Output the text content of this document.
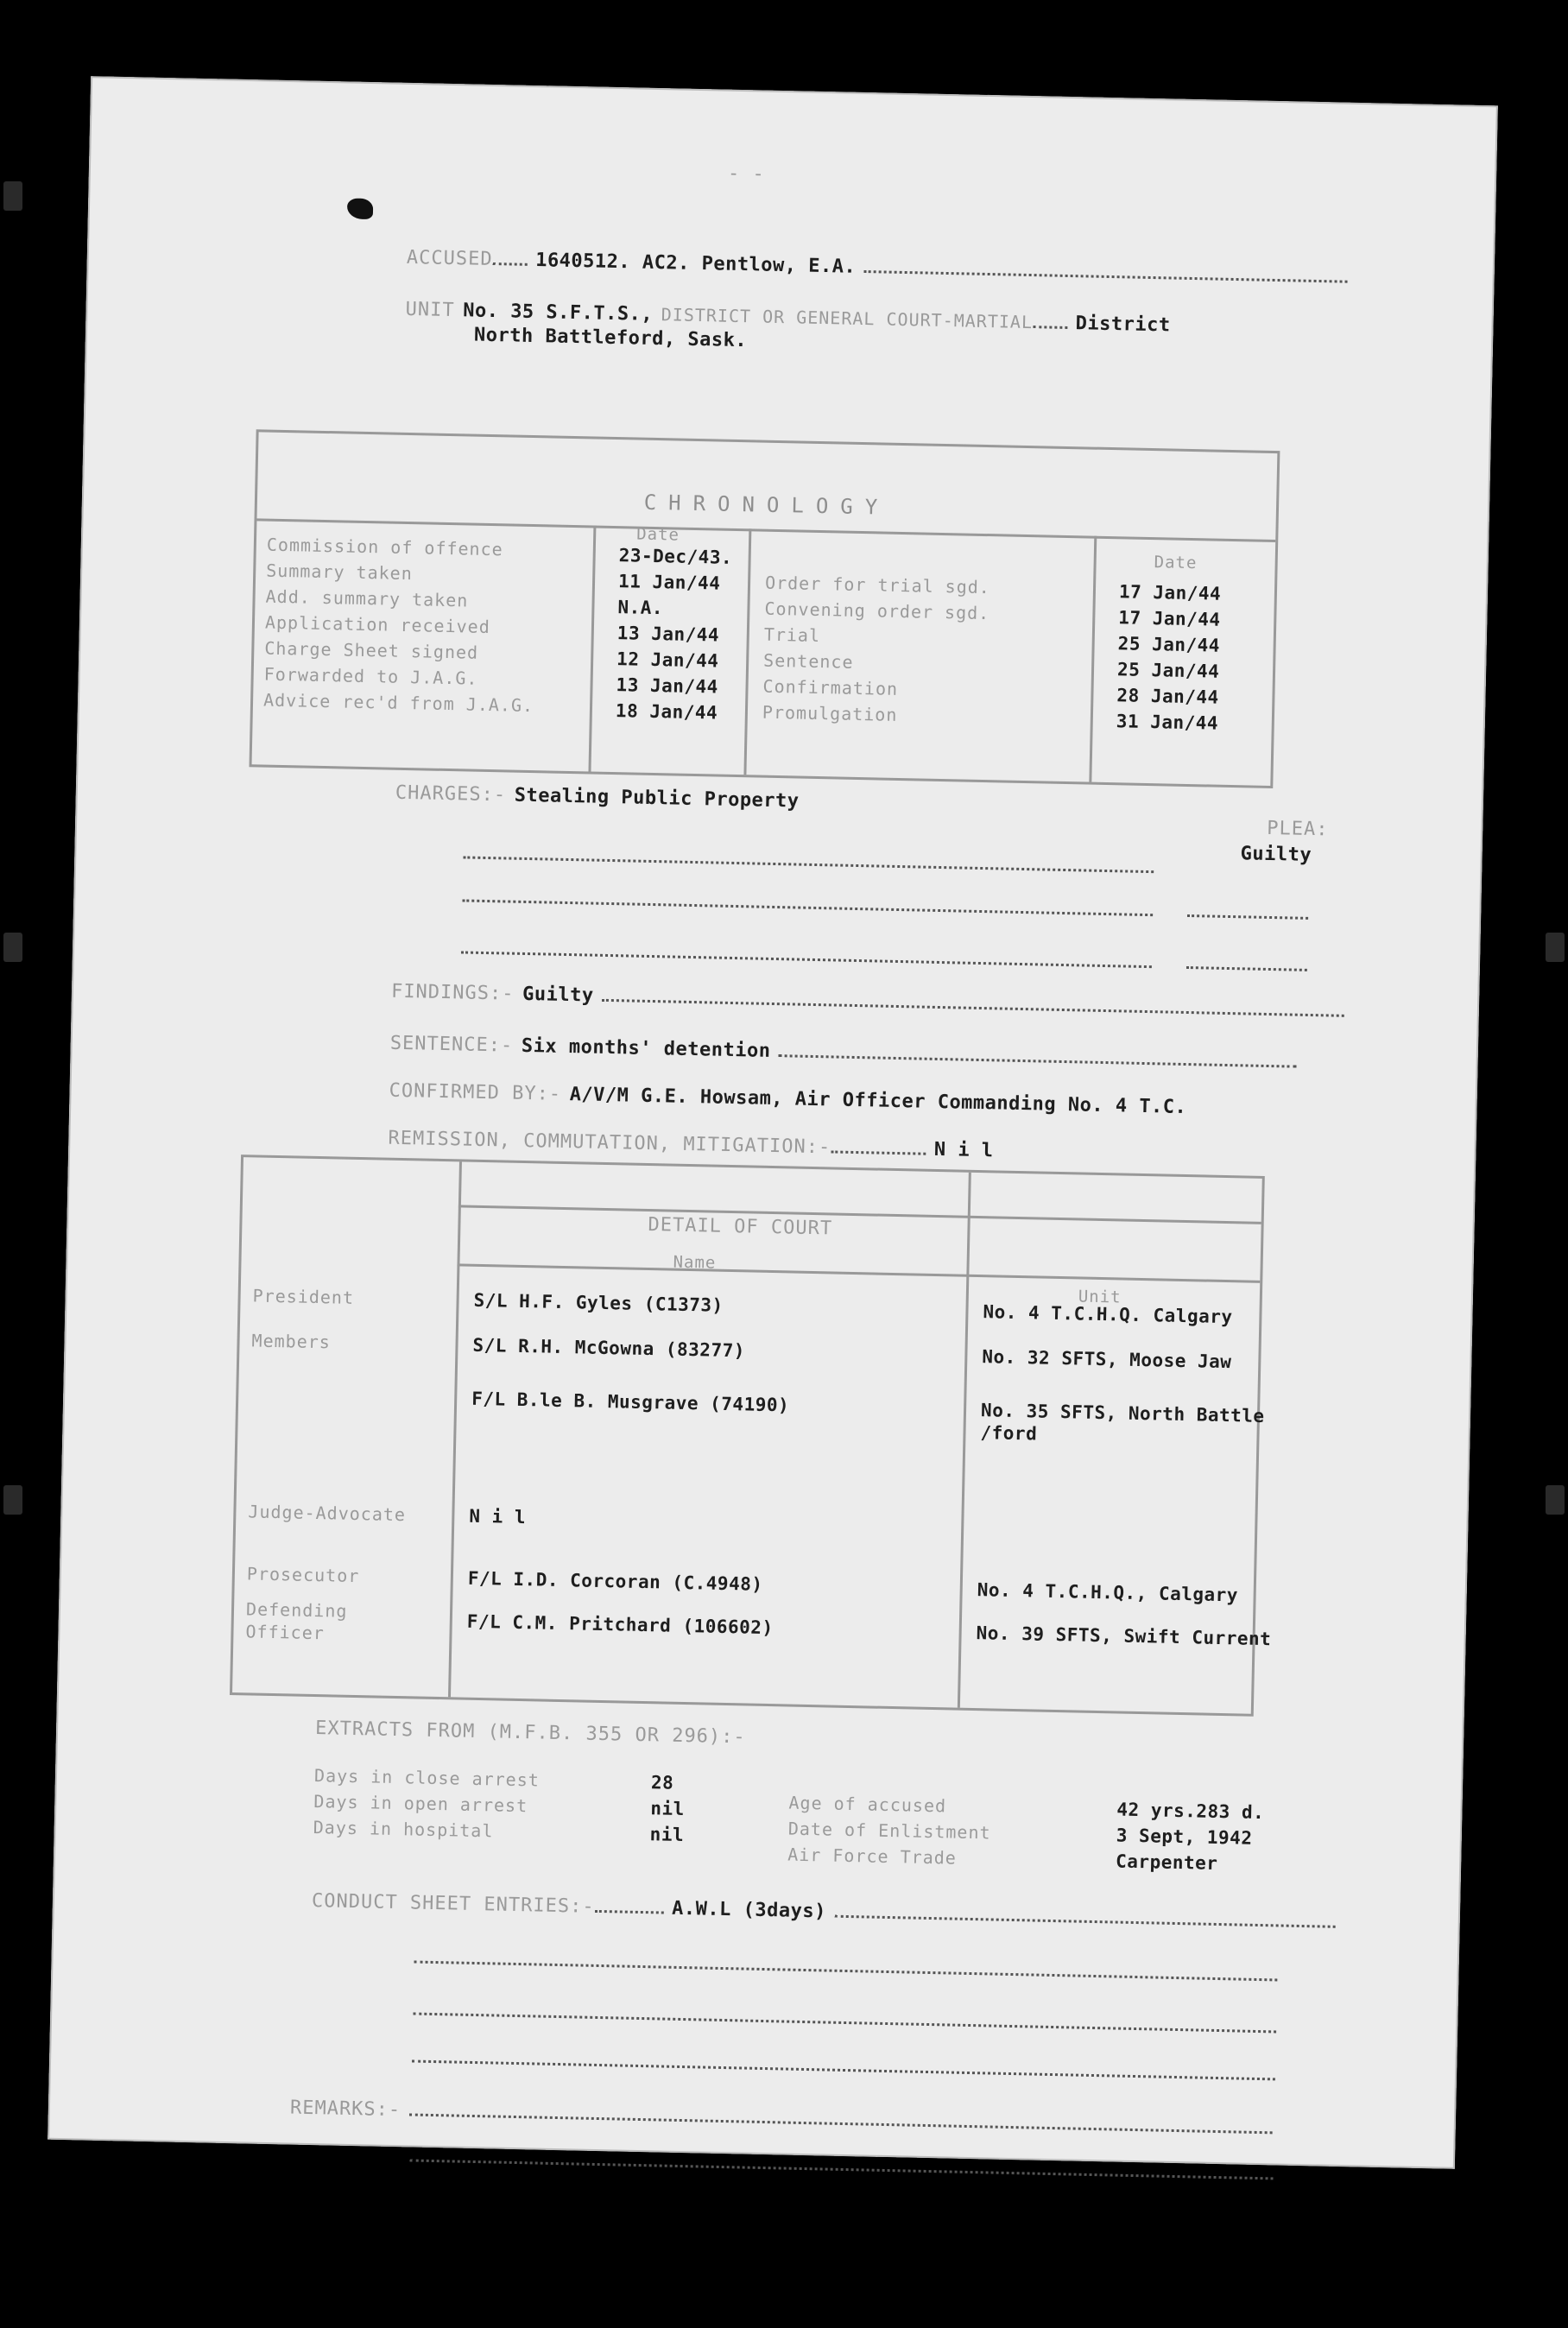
- -
ACCUSED 1640512. AC2. Pentlow, E.A.
UNIT No. 35 S.F.T.S., DISTRICT OR GENERAL COURT-MARTIAL District
North Battleford, Sask.
CHRONOLOGY
Date
Date
Commission of offence	23-Dec/43.
Summary taken	11 Jan/44
Add. summary taken	N.A.
Application received	13 Jan/44
Charge Sheet signed	12 Jan/44
Forwarded to J.A.G.	13 Jan/44
Advice rec'd from J.A.G.	18 Jan/44
Order for trial sgd.	17 Jan/44
Convening order sgd.	17 Jan/44
Trial	25 Jan/44
Sentence	25 Jan/44
Confirmation	28 Jan/44
Promulgation	31 Jan/44
CHARGES:- Stealing Public Property
PLEA:
Guilty
FINDINGS:- Guilty
SENTENCE:- Six months' detention
CONFIRMED BY:- A/V/M G.E. Howsam, Air Officer Commanding No. 4 T.C.
REMISSION, COMMUTATION, MITIGATION:-	N i l
DETAIL OF COURT
Name
Unit
President	S/L H.F. Gyles (C1373)	No. 4 T.C.H.Q. Calgary
Members	S/L R.H. McGowna (83277)	No. 32 SFTS, Moose Jaw
F/L B.le B. Musgrave (74190)	No. 35 SFTS, North Battle
/ford
Judge-Advocate	N i l
Prosecutor	F/L I.D. Corcoran (C.4948)	No. 4 T.C.H.Q., Calgary
Defending Officer	F/L C.M. Pritchard (106602)	No. 39 SFTS, Swift Current
EXTRACTS FROM (M.F.B. 355 OR 296):-
Days in close arrest	28
Days in open arrest	nil
Days in hospital	nil
Age of accused	42 yrs.283 d.
Date of Enlistment	3 Sept, 1942
Air Force Trade	Carpenter
CONDUCT SHEET ENTRIES:-	A.W.L (3days)
REMARKS:-
